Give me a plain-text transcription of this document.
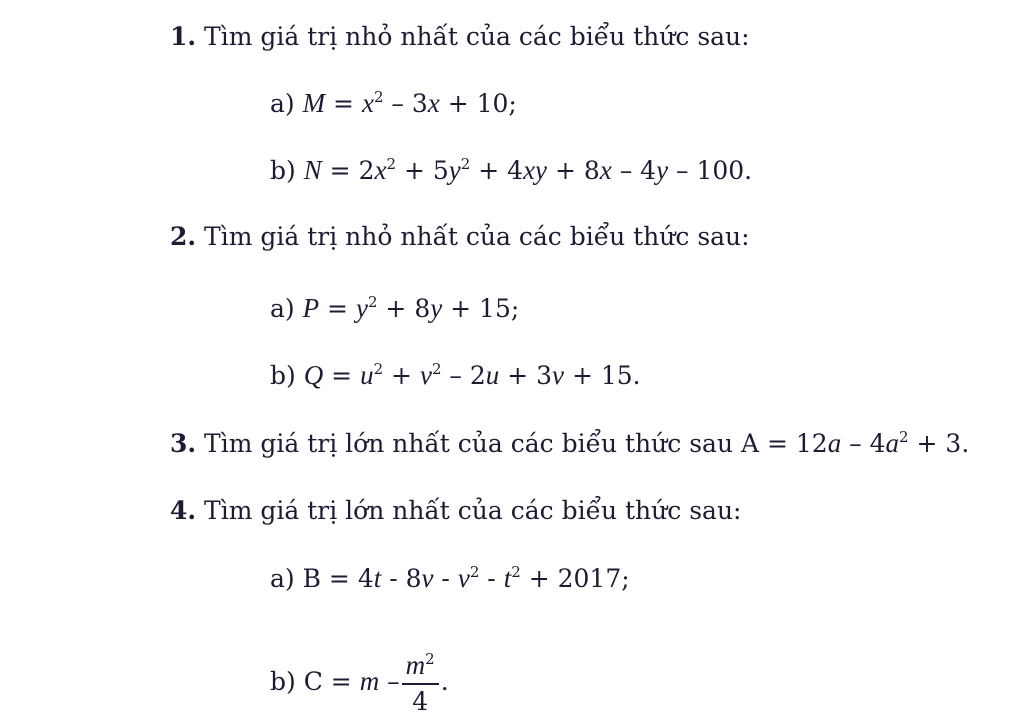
1. Tìm giá trị nhỏ nhất của các biểu thức sau:
a) $M = x^2 - 3x + 10$;
b) $N = 2x^2 + 5y^2 + 4xy + 8x - 4y - 100$.
2. Tìm giá trị nhỏ nhất của các biểu thức sau:
a) $P = y^2 + 8y + 15$;
b) $Q = u^2 + v^2 - 2u + 3v + 15$.
3. Tìm giá trị lớn nhất của các biểu thức sau $A = 12a - 4a^2 + 3$.
4. Tìm giá trị lớn nhất của các biểu thức sau:
a) $B = 4t - 8v - v^2 - t^2 + 2017$;
b) $C = m - \frac{m^2}{4}$ .
